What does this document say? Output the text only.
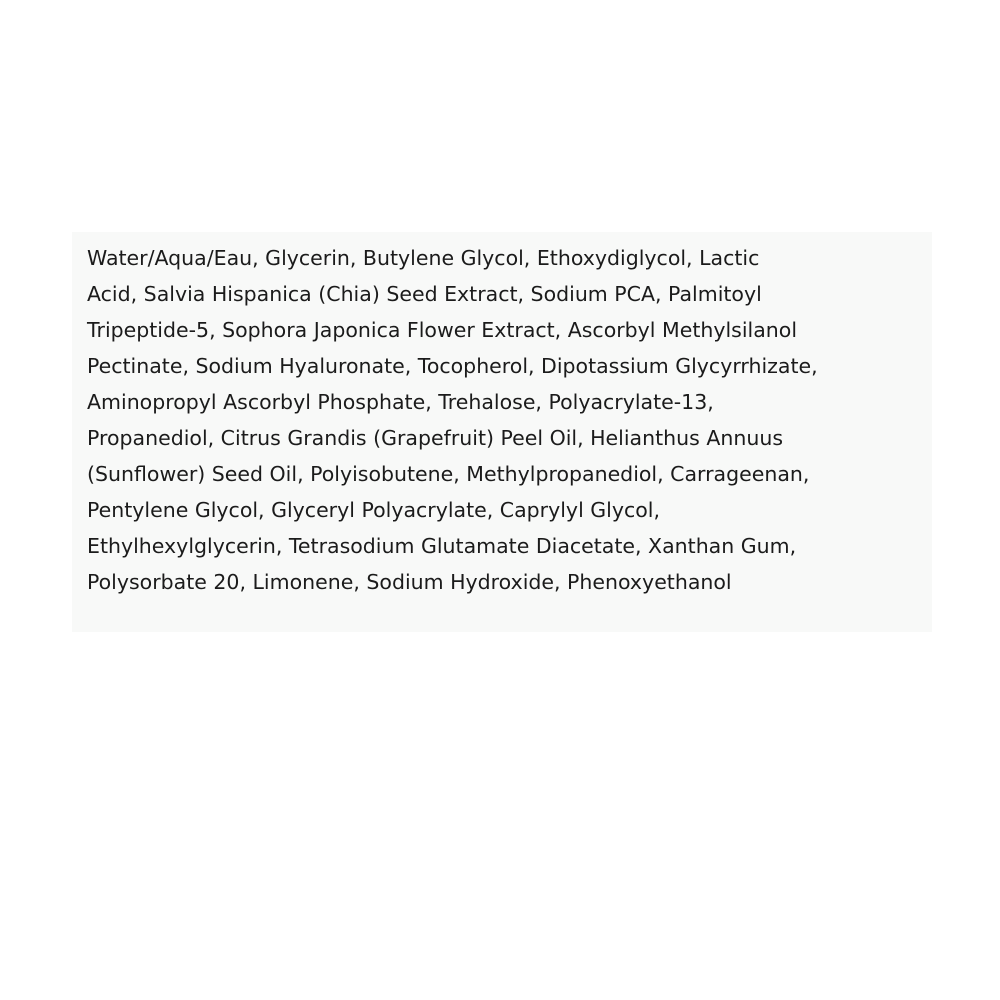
Water/Aqua/Eau, Glycerin, Butylene Glycol, Ethoxydiglycol, Lactic

Acid, Salvia Hispanica (Chia) Seed Extract, Sodium PCA, Palmitoyl

Tripeptide-5, Sophora Japonica Flower Extract, Ascorbyl Methylsilanol

Pectinate, Sodium Hyaluronate, Tocopherol, Dipotassium Glycyrrhizate,

Aminopropyl Ascorbyl Phosphate, Trehalose, Polyacrylate-13,

Propanediol, Citrus Grandis (Grapefruit) Peel Oil, Helianthus Annuus

(Sunflower) Seed Oil, Polyisobutene, Methylpropanediol, Carrageenan,

Pentylene Glycol, Glyceryl Polyacrylate, Caprylyl Glycol,

Ethylhexylglycerin, Tetrasodium Glutamate Diacetate, Xanthan Gum,

Polysorbate 20, Limonene, Sodium Hydroxide, Phenoxyethanol
